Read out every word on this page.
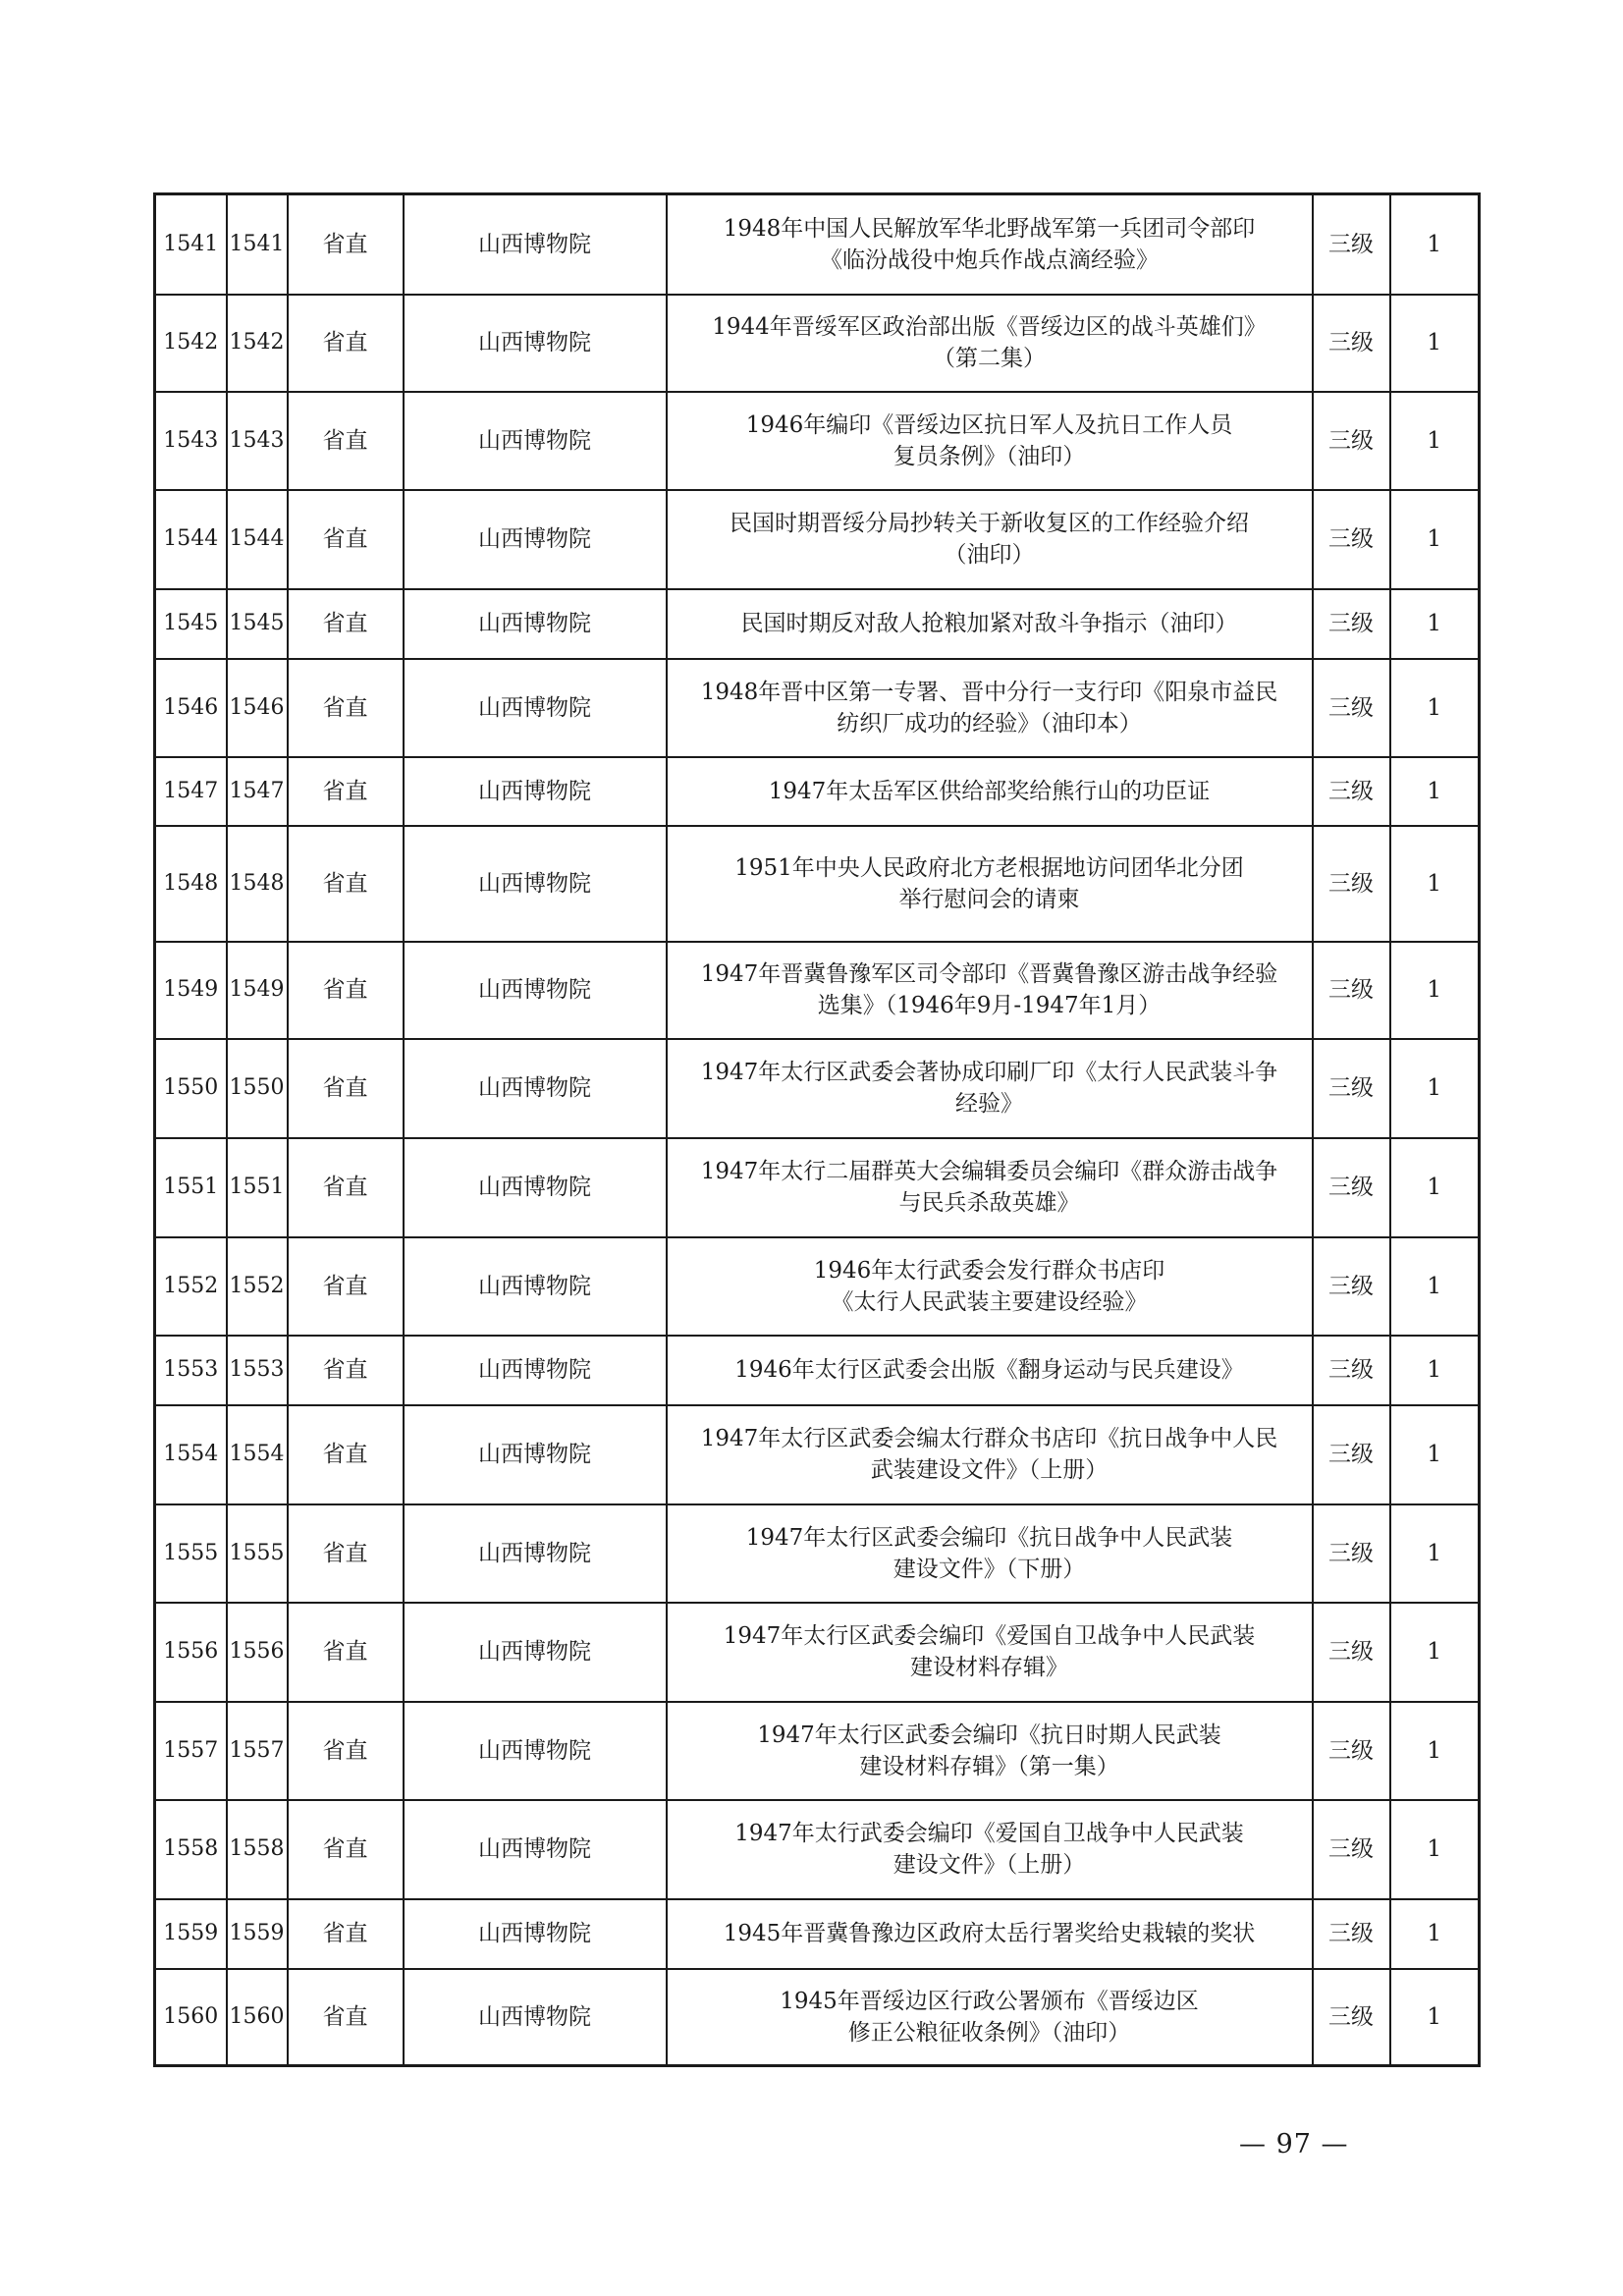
1541	1541	省直	山西博物院	1948年中国人民解放军华北野战军第一兵团司令部印
《临汾战役中炮兵作战点滴经验》	三级	1
1542	1542	省直	山西博物院	1944年晋绥军区政治部出版《晋绥边区的战斗英雄们》
（第二集）	三级	1
1543	1543	省直	山西博物院	1946年编印《晋绥边区抗日军人及抗日工作人员
复员条例》（油印）	三级	1
1544	1544	省直	山西博物院	民国时期晋绥分局抄转关于新收复区的工作经验介绍
（油印）	三级	1
1545	1545	省直	山西博物院	民国时期反对敌人抢粮加紧对敌斗争指示（油印）	三级	1
1546	1546	省直	山西博物院	1948年晋中区第一专署、晋中分行一支行印《阳泉市益民
纺织厂成功的经验》（油印本）	三级	1
1547	1547	省直	山西博物院	1947年太岳军区供给部奖给熊行山的功臣证	三级	1
1548	1548	省直	山西博物院	1951年中央人民政府北方老根据地访问团华北分团
举行慰问会的请柬	三级	1
1549	1549	省直	山西博物院	1947年晋冀鲁豫军区司令部印《晋冀鲁豫区游击战争经验
选集》（1946年9月-1947年1月）	三级	1
1550	1550	省直	山西博物院	1947年太行区武委会著协成印刷厂印《太行人民武装斗争
经验》	三级	1
1551	1551	省直	山西博物院	1947年太行二届群英大会编辑委员会编印《群众游击战争
与民兵杀敌英雄》	三级	1
1552	1552	省直	山西博物院	1946年太行武委会发行群众书店印
《太行人民武装主要建设经验》	三级	1
1553	1553	省直	山西博物院	1946年太行区武委会出版《翻身运动与民兵建设》	三级	1
1554	1554	省直	山西博物院	1947年太行区武委会编太行群众书店印《抗日战争中人民
武装建设文件》（上册）	三级	1
1555	1555	省直	山西博物院	1947年太行区武委会编印《抗日战争中人民武装
建设文件》（下册）	三级	1
1556	1556	省直	山西博物院	1947年太行区武委会编印《爱国自卫战争中人民武装
建设材料存辑》	三级	1
1557	1557	省直	山西博物院	1947年太行区武委会编印《抗日时期人民武装
建设材料存辑》（第一集）	三级	1
1558	1558	省直	山西博物院	1947年太行武委会编印《爱国自卫战争中人民武装
建设文件》（上册）	三级	1
1559	1559	省直	山西博物院	1945年晋冀鲁豫边区政府太岳行署奖给史栽辕的奖状	三级	1
1560	1560	省直	山西博物院	1945年晋绥边区行政公署颁布《晋绥边区
修正公粮征收条例》（油印）	三级	1
— 97 —
